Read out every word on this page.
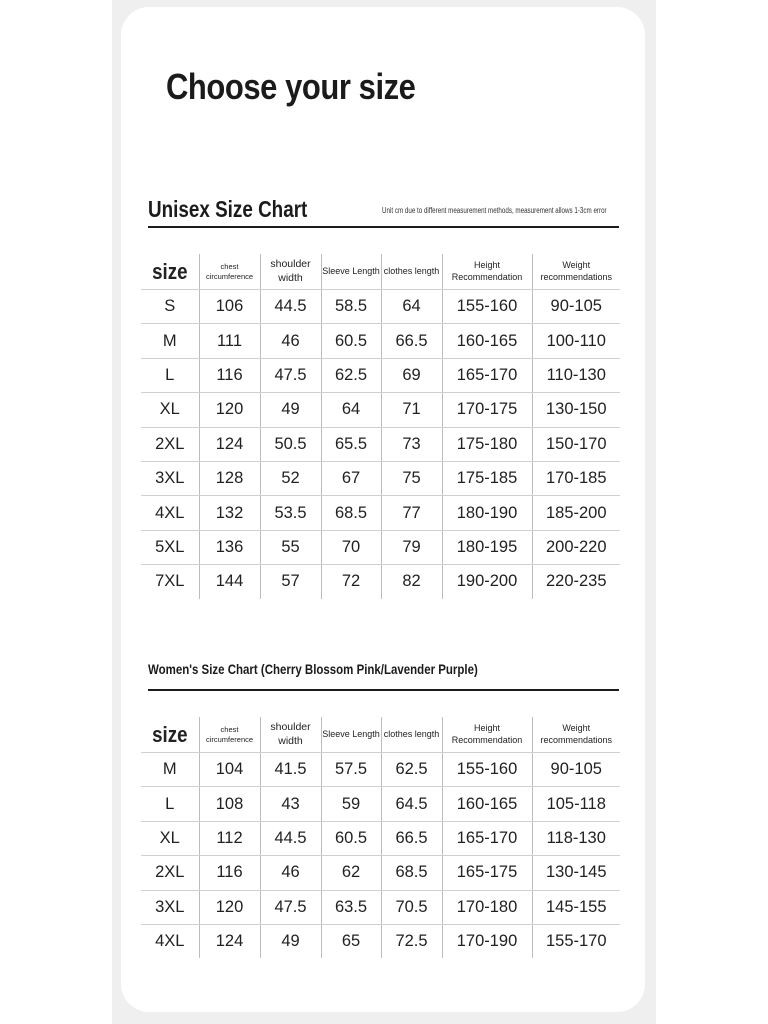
Choose your size
Unisex Size Chart	Unit cm due to different measurement methods, measurement allows 1-3cm error
size	chest circumference	shoulder width	Sleeve Length	clothes length	Height Recommendation	Weight recommendations
S	106	44.5	58.5	64	155-160	90-105
M	111	46	60.5	66.5	160-165	100-110
L	116	47.5	62.5	69	165-170	110-130
XL	120	49	64	71	170-175	130-150
2XL	124	50.5	65.5	73	175-180	150-170
3XL	128	52	67	75	175-185	170-185
4XL	132	53.5	68.5	77	180-190	185-200
5XL	136	55	70	79	180-195	200-220
7XL	144	57	72	82	190-200	220-235
Women's Size Chart (Cherry Blossom Pink/Lavender Purple)
size	chest circumference	shoulder width	Sleeve Length	clothes length	Height Recommendation	Weight recommendations
M	104	41.5	57.5	62.5	155-160	90-105
L	108	43	59	64.5	160-165	105-118
XL	112	44.5	60.5	66.5	165-170	118-130
2XL	116	46	62	68.5	165-175	130-145
3XL	120	47.5	63.5	70.5	170-180	145-155
4XL	124	49	65	72.5	170-190	155-170
